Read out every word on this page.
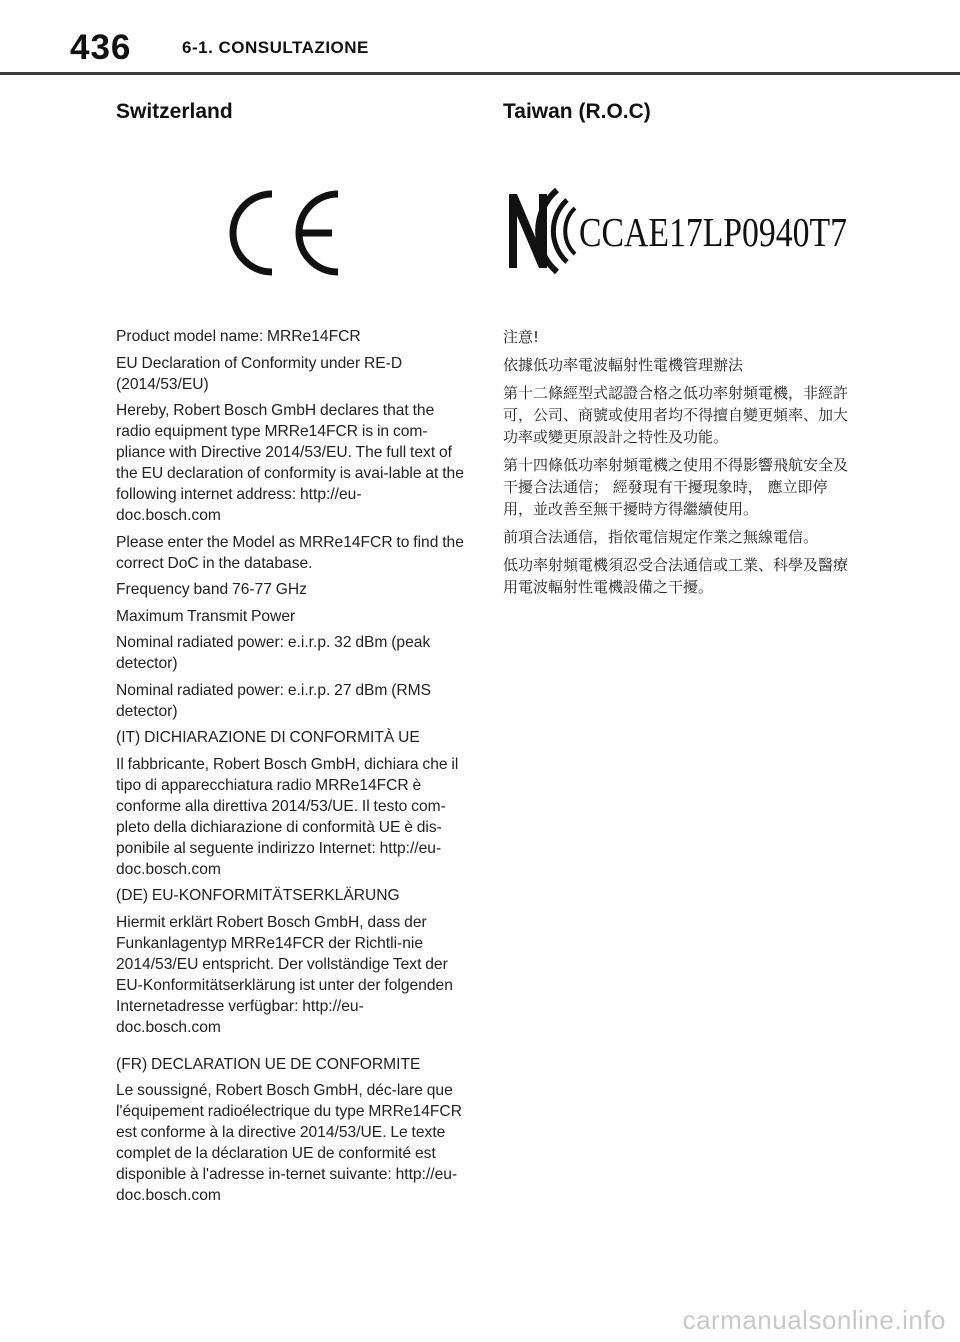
436	6-1. CONSULTAZIONE
Switzerland

Product model name: MRRe14FCR

EU Declaration of Conformity under RE-D (2014/53/EU)

Hereby, Robert Bosch GmbH declares that the radio equipment type MRRe14FCR is in com-pliance with Directive 2014/53/EU. The full text of the EU declaration of conformity is avai-lable at the following internet address: http://eu-doc.bosch.com

Please enter the Model as MRRe14FCR to find the correct DoC in the database.

Frequency band 76-77 GHz

Maximum Transmit Power

Nominal radiated power: e.i.r.p. 32 dBm (peak detector)

Nominal radiated power: e.i.r.p. 27 dBm (RMS detector)

(IT) DICHIARAZIONE DI CONFORMITÀ UE

Il fabbricante, Robert Bosch GmbH, dichiara che il tipo di apparecchiatura radio MRRe14FCR è conforme alla direttiva 2014/53/UE. Il testo com-pleto della dichiarazione di conformità UE è dis-ponibile al seguente indirizzo Internet: http://eu-doc.bosch.com

(DE) EU-KONFORMITÄTSERKLÄRUNG

Hiermit erklärt Robert Bosch GmbH, dass der Funkanlagentyp MRRe14FCR der Richtli-nie 2014/53/EU entspricht. Der vollständige Text der EU-Konformitätserklärung ist unter der folgenden Internetadresse verfügbar: http://eu-doc.bosch.com

(FR) DECLARATION UE DE CONFORMITE

Le soussigné, Robert Bosch GmbH, déc-lare que l'équipement radioélectrique du type MRRe14FCR est conforme à la directive 2014/53/UE. Le texte complet de la déclaration UE de conformité est disponible à l'adresse in-ternet suivante: http://eu-doc.bosch.com

Taiwan (R.O.C)
CCAE17LP0940T7

注意!

依據低功率電波輻射性電機管理辦法

第十二條經型式認證合格之低功率射頻電機，非經許可，公司、商號或使用者均不得擅自變更頻率、加大功率或變更原設計之特性及功能。

第十四條低功率射頻電機之使用不得影響飛航安全及干擾合法通信； 經發現有干擾現象時， 應立即停用，並改善至無干擾時方得繼續使用。

前項合法通信，指依電信規定作業之無線電信。

低功率射頻電機須忍受合法通信或工業、科學及醫療用電波輻射性電機設備之干擾。

carmanualsonline.info
